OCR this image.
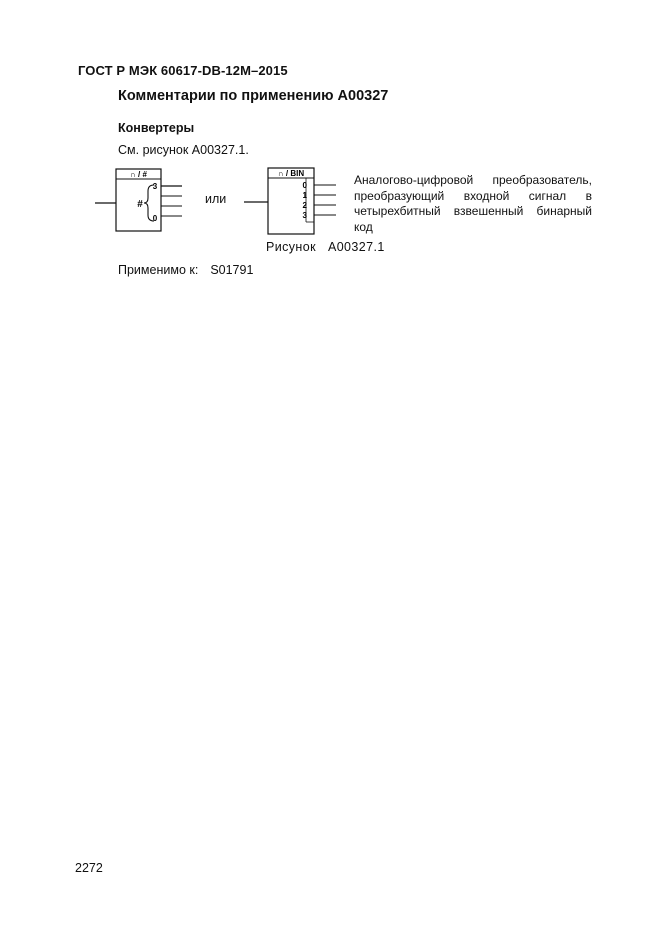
ГОСТ Р МЭК 60617-DB-12M–2015
Комментарии по применению A00327
Конвертеры
См. рисунок A00327.1.
∩ / #
#
3
0
или
∩ / BIN
0
1
2
3
Аналогово-цифровой преобразователь, преобразующий входной сигнал в четырехбитный взвешенный бинарный код
Рисунок A00327.1
Применимо к: S01791
2272
